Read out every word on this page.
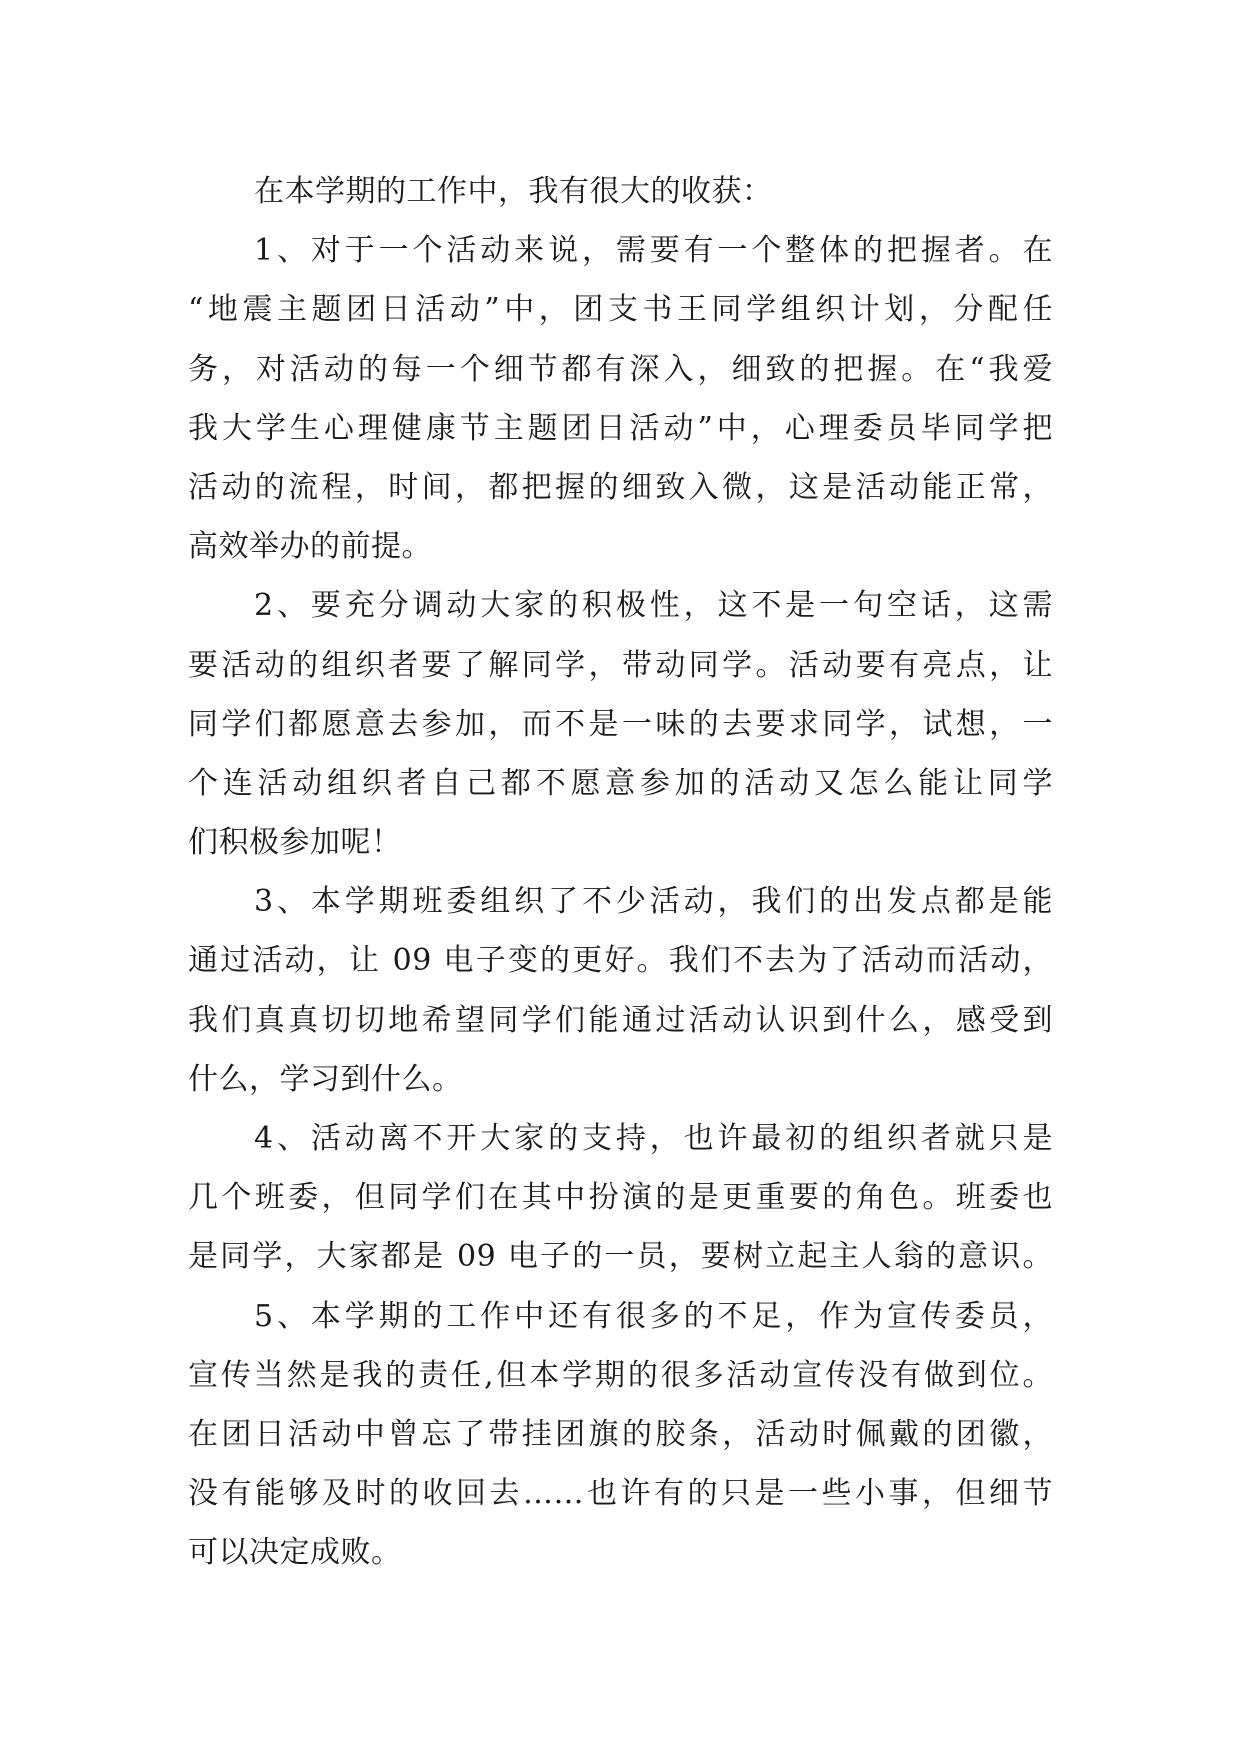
在本学期的工作中，我有很大的收获：
1、对于一个活动来说，需要有一个整体的把握者。在
“地震主题团日活动”中，团支书王同学组织计划，分配任
务，对活动的每一个细节都有深入，细致的把握。在“我爱
我大学生心理健康节主题团日活动”中，心理委员毕同学把
活动的流程，时间，都把握的细致入微，这是活动能正常，
高效举办的前提。
2、要充分调动大家的积极性，这不是一句空话，这需
要活动的组织者要了解同学，带动同学。活动要有亮点，让
同学们都愿意去参加，而不是一味的去要求同学，试想，一
个连活动组织者自己都不愿意参加的活动又怎么能让同学
们积极参加呢！
3、本学期班委组织了不少活动，我们的出发点都是能
通过活动，让 09 电子变的更好。我们不去为了活动而活动，
我们真真切切地希望同学们能通过活动认识到什么，感受到
什么，学习到什么。
4、活动离不开大家的支持，也许最初的组织者就只是
几个班委，但同学们在其中扮演的是更重要的角色。班委也
是同学，大家都是 09 电子的一员，要树立起主人翁的意识。
5、本学期的工作中还有很多的不足，作为宣传委员，
宣传当然是我的责任,但本学期的很多活动宣传没有做到位。
在团日活动中曾忘了带挂团旗的胶条，活动时佩戴的团徽，
没有能够及时的收回去……也许有的只是一些小事，但细节
可以决定成败。
